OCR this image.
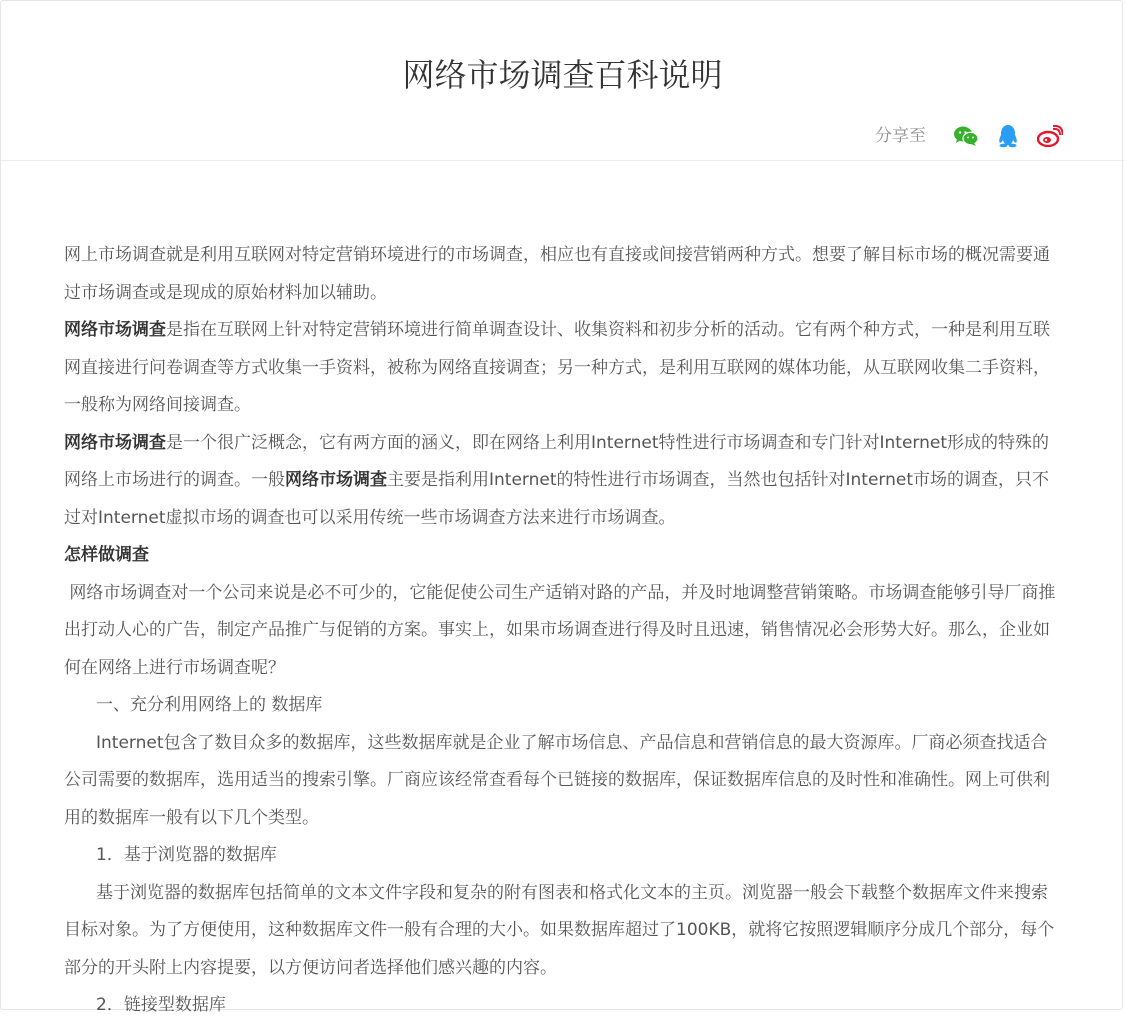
网络市场调查百科说明
分享至

网上市场调查就是利用互联网对特定营销环境进行的市场调查，相应也有直接或间接营销两种方式。想要了解目标市场的概况需要通过市场调查或是现成的原始材料加以辅助。

网络市场调查是指在互联网上针对特定营销环境进行简单调查设计、收集资料和初步分析的活动。它有两个种方式，一种是利用互联网直接进行问卷调查等方式收集一手资料，被称为网络直接调查；另一种方式，是利用互联网的媒体功能，从互联网收集二手资料，一般称为网络间接调查。

网络市场调查是一个很广泛概念，它有两方面的涵义，即在网络上利用Internet特性进行市场调查和专门针对Internet形成的特殊的网络上市场进行的调查。一般网络市场调查主要是指利用Internet的特性进行市场调查，当然也包括针对Internet市场的调查，只不过对Internet虚拟市场的调查也可以采用传统一些市场调查方法来进行市场调查。

怎样做调查

网络市场调查对一个公司来说是必不可少的，它能促使公司生产适销对路的产品，并及时地调整营销策略。市场调查能够引导厂商推出打动人心的广告，制定产品推广与促销的方案。事实上，如果市场调查进行得及时且迅速，销售情况必会形势大好。那么，企业如何在网络上进行市场调查呢？

一、充分利用网络上的 数据库

Internet包含了数目众多的数据库，这些数据库就是企业了解市场信息、产品信息和营销信息的最大资源库。厂商必须查找适合公司需要的数据库，选用适当的搜索引擎。厂商应该经常查看每个已链接的数据库，保证数据库信息的及时性和准确性。网上可供利用的数据库一般有以下几个类型。

1．基于浏览器的数据库

基于浏览器的数据库包括简单的文本文件字段和复杂的附有图表和格式化文本的主页。浏览器一般会下载整个数据库文件来搜索目标对象。为了方便使用，这种数据库文件一般有合理的大小。如果数据库超过了100KB，就将它按照逻辑顺序分成几个部分，每个部分的开头附上内容提要，以方便访问者选择他们感兴趣的内容。

2．链接型数据库
